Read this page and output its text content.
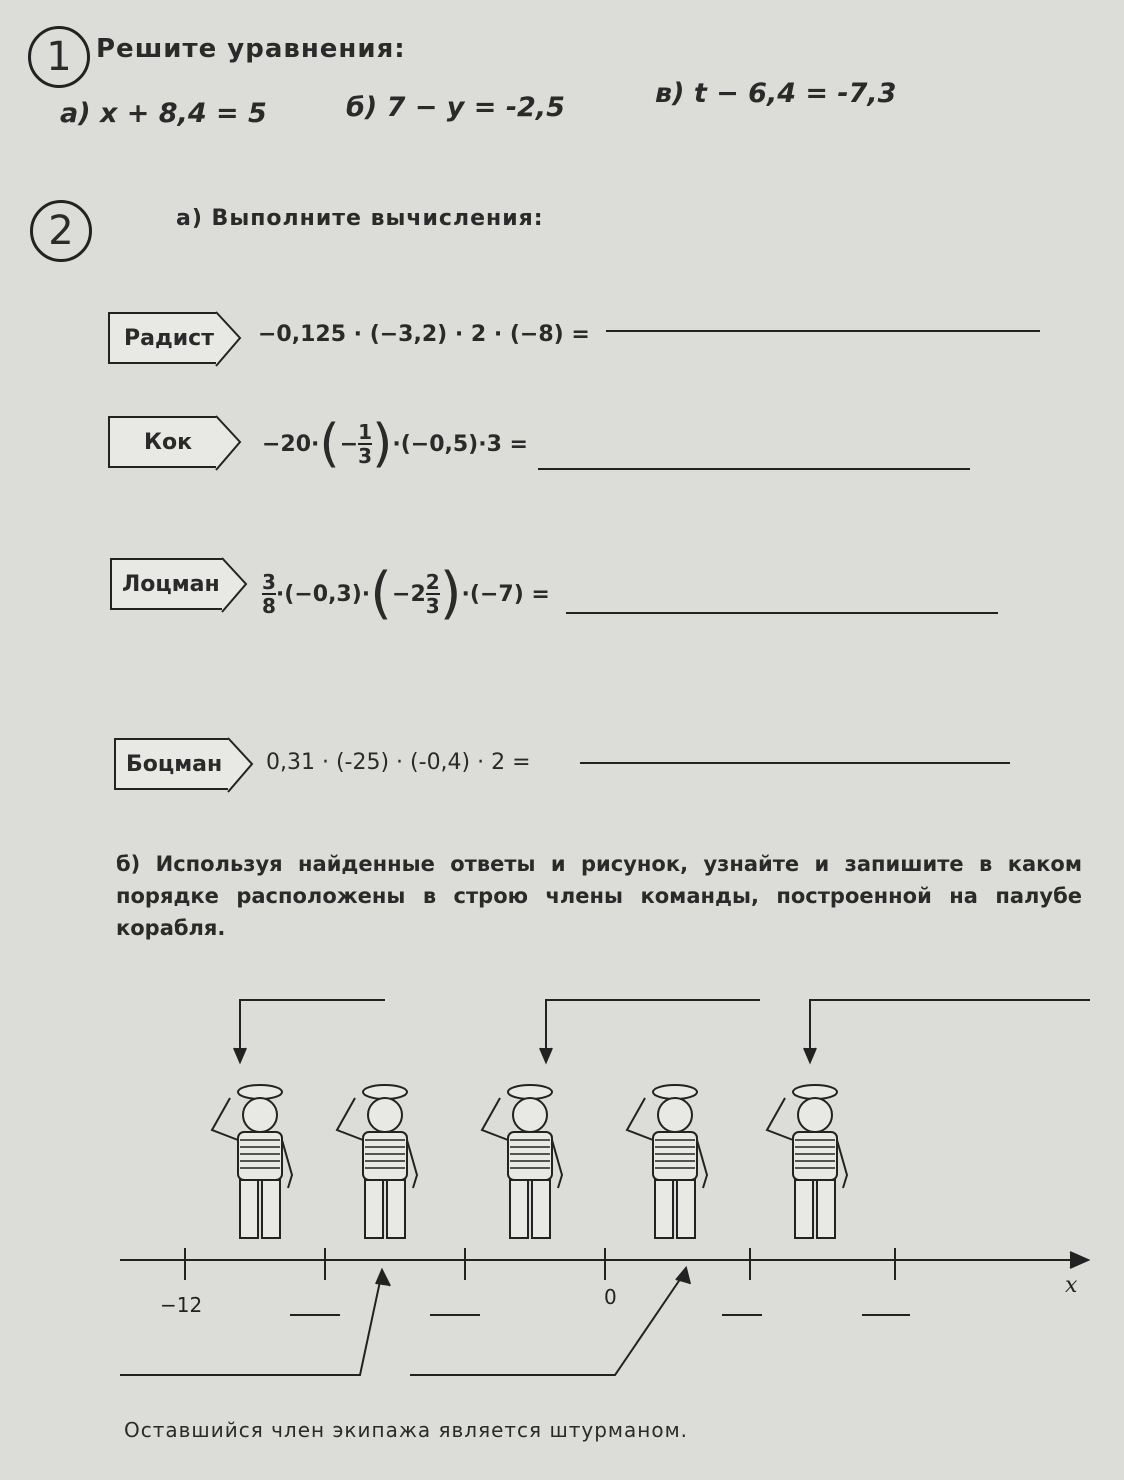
1 Решите уравнения:
а) x + 8,4 = 5	б) 7 − y = -2,5	в) t − 6,4 = -7,3
2	а) Выполните вычисления:
Радист −0,125 · (−3,2) · 2 · (−8) =
Кок	−20· ( − $\frac{1}{3}$ ) ·(−0,5)·3 =
Лоцман $\frac{3}{8} \cdot(-0,3)\cdot$ ( $-2 \frac{2}{3}$ ) ·(−7) =
Боцман 0,31 · (-25) · (-0,4) · 2 =
б) Используя найденные ответы и рисунок, узнайте и запишите в каком порядке расположены в строю члены команды, построенной на палубе корабля.
−12	0	x
Оставшийся член экипажа является штурманом.
